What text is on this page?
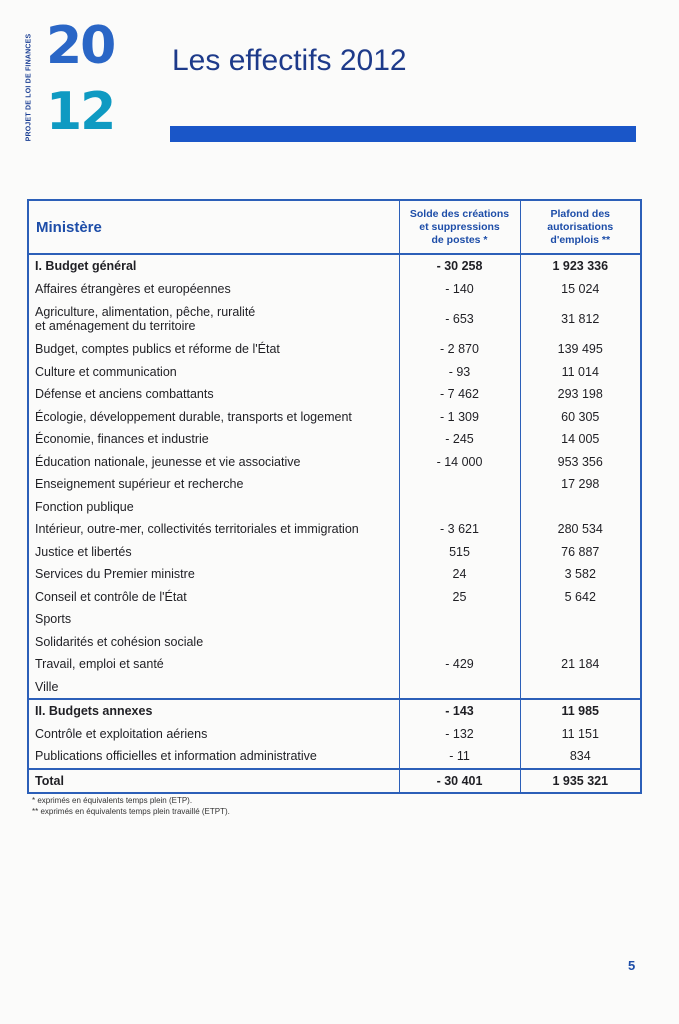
PROJET DE LOI DE FINANCES 20
12
Les effectifs 2012
Ministère	Solde des créations
et suppressions
de postes *	Plafond des
autorisations
d'emplois **
I. Budget général	- 30 258	1 923 336
Affaires étrangères et européennes	- 140	15 024
Agriculture, alimentation, pêche, ruralité
et aménagement du territoire	- 653	31 812
Budget, comptes publics et réforme de l'État	- 2 870	139 495
Culture et communication	- 93	11 014
Défense et anciens combattants	- 7 462	293 198
Écologie, développement durable, transports et logement	- 1 309	60 305
Économie, finances et industrie	- 245	14 005
Éducation nationale, jeunesse et vie associative	- 14 000	953 356
Enseignement supérieur et recherche		17 298
Fonction publique		
Intérieur, outre-mer, collectivités territoriales et immigration	- 3 621	280 534
Justice et libertés	515	76 887
Services du Premier ministre	24	3 582
Conseil et contrôle de l'État	25	5 642
Sports		
Solidarités et cohésion sociale		
Travail, emploi et santé	- 429	21 184
Ville		
II. Budgets annexes	- 143	11 985
Contrôle et exploitation aériens	- 132	11 151
Publications officielles et information administrative	- 11	834
Total	- 30 401	1 935 321
* exprimés en équivalents temps plein (ETP).
** exprimés en équivalents temps plein travaillé (ETPT).
5
